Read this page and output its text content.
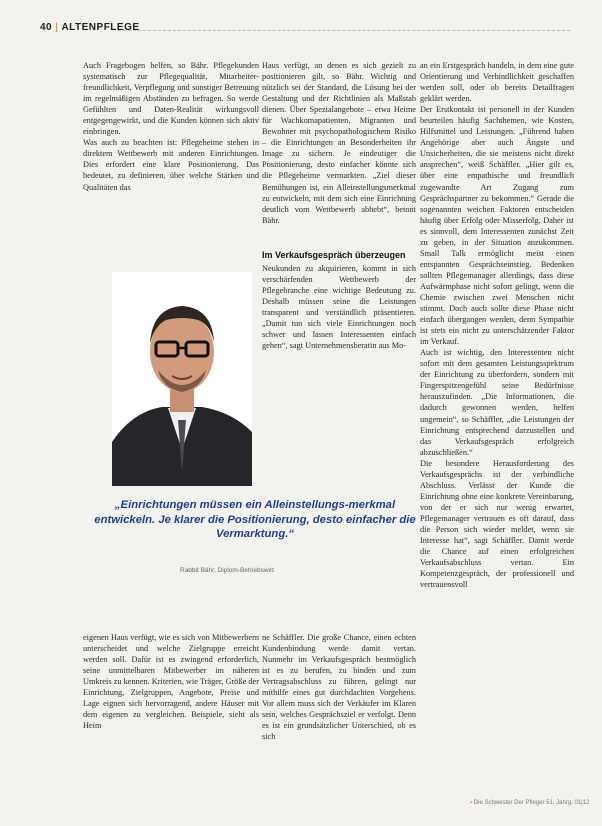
40 | ALTENPFLEGE

Auch Fragebogen helfen, so Bähr. Pflegekunden systematisch zur Pflegequalität, Mitarbeiter-freundlichkeit, Verpflegung und sonstiger Betreuung im regelmäßigen Abständen zu befragen. So werde Gefühlten und Daten-Realität wirkungsvoll entgegengewirkt, und die Kunden können sich aktiv einbringen.

Was auch zu beachten ist: Pflegeheime stehen in direktem Wettbewerb mit anderen Einrichtungen. Dies erfordert eine klare Positionierung. Das bedeutet, zu definieren, über welche Stärken und Qualitäten das

Haus verfügt, an denen es sich gezielt zu positionieren gilt, so Bähr. Wichtig und nützlich sei der Standard, die Lösung bei der Gestaltung und der Richtlinien als Maßstab dienen. Über Spezialangebote – etwa Heime für Wachkomapatienten, Migranten und Bewohner mit psychopathologischem Risiko – die Einrichtungen an Besonderheiten ihr Image zu sichern. Je eindeutiger die Positionierung, desto einfacher könnte sich die Pflegeheime vermarkten. „Ziel dieser Bemühungen ist, ein Alleinstellungsmerkmal zu entwickeln, mit dem sich eine Einrichtung deutlich vom Wettbewerb abhebt“, betont Bähr.

Im Verkaufsgespräch überzeugen

Neukunden zu akquirieren, kommt in sich verschärfenden Wettbewerb der Pflegebranche eine wichtige Bedeutung zu. Deshalb müssen seine die Leistungen transparent und verständlich präsentieren. „Damit tun sich viele Einrichtungen noch schwer und lassen Interessenten einfach gehen“, sagt Unternehmensberatin aus Mo-

an ein Erstgespräch handeln, in dem eine gute Orientierung und Verbindlichkeit geschaffen werden soll, oder ob bereits Detailfragen geklärt werden.

Der Erstkontakt ist personell in der Kunden beurteilen häufig Sachthemen, wie Kosten, Hilfsmittel und Leistungen. „Führend haben Angehörige aber auch Ängste und Unsicherheiten, die sie meistens nicht direkt ansprechen“, weiß Schäffler. „Hier gilt es, über eine empathische und freundlich zugewandte Art Zugang zum Gesprächspartner zu bekommen.“ Gerade die sogenannten weichen Faktoren entscheiden häufig über Erfolg oder Misserfolg. Daher ist es sinnvoll, dem Interessenten zunächst Zeit zu geben, in der Situation anzukommen. Small Talk ermöglicht meist einen entspannten Gesprächseinstieg. Bedenken sollten Pflegemanager allerdings, dass diese Aufwärmphase nicht sofort gelingt, wenn die Chemie zwischen zwei Menschen nicht stimmt. Doch auch sollte diese Phase nicht einfach übergangen werden, denn Sympathie ist stets ein nicht zu unterschätzender Faktor im Verkauf.

Auch ist wichtig, den Interessenten nicht sofort mit dem gesamten Leistungsspektrum der Einrichtung zu überfordern, sondern mit Fingerspitzengefühl seine Bedürfnisse herauszufinden. „Die Informationen, die dadurch gewonnen werden, helfen ungemein“, so Schäffler, „die Leistungen der Einrichtung entsprechend darzustellen und das Verkaufsgespräch erfolgreich abzuschließen.“

Die besondere Herausforderung des Verkaufsgesprächs ist der verbindliche Abschluss. Verlässt der Kunde die Einrichtung ohne eine konkrete Vereinbarung, von der er sich nur wenig erwartet, Pflegemanager vertrauen es oft darauf, dass die Person sich wieder meldet, wenn sie Interesse hat“, sagt Schäffler. Damit werde die Chance auf einen erfolgreichen Verkaufsabschluss vertan. Ein Kompetenzgespräch, der professionell und vertrauensvoll

„Einrichtungen müssen ein Alleinstellungs-merkmal entwickeln. Je klarer die Positionierung, desto einfacher die Vermarktung.“
Rabbit Bähr, Diplom-Betriebswirt

eigenen Haus verfügt, wie es sich von Mitbewerbern unterscheidet und welche Zielgruppe erreicht werden soll. Dafür ist es zwingend erforderlich, seine unmittelbaren Mitbewerber im näheren Umkreis zu kennen. Kriterien, wie Träger, Größe der Einrichtung, Zielgruppen, Angebote, Preise und Lage eignen sich hervorragend, andere Häuser mit dem eigenen zu vergleichen. Beispiele, sieht als Heim

ne Schäffler. Die große Chance, einen echten Kundenbindung werde damit vertan. Nunmehr im Verkaufsgespräch bestmöglich ist es zu berufen, zu binden und zum Vertragsabschluss zu führen, gelingt nur mithilfe eines gut durchdachten Vorgehens. Vor allem muss sich der Verkäufer im Klaren sein, welches Gesprächsziel er verfolgt. Denn es ist ein grundsätzlicher Unterschied, ob es sich

▪ Die Schwester Der Pfleger 51. Jahrg. 01|12
